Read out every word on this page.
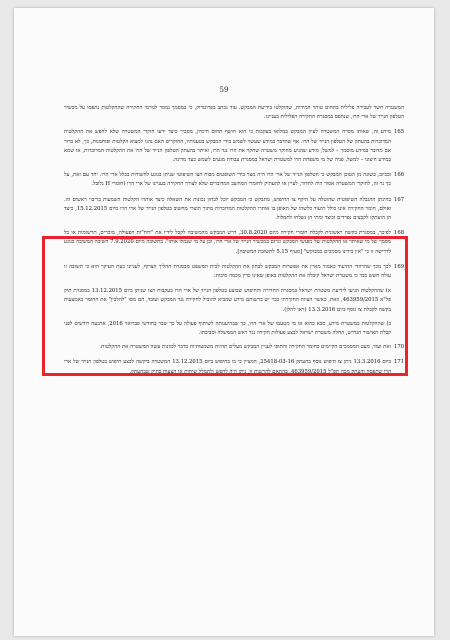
59

המשטרה חשד לעבירה פלילית בתחום טוהר המידות, שהוקלטו בידיעת המבקש. עוד נכתב בפרוטרוק, כי במסמך נמסר לגורמי החקירה שההקלטות נתפסו על מכשיר הטלפון הנייד של ארי הרו, שנתפס במסגרת החקירה הפלילית בעניינו.

165
מידע זה, שאותו מסרה המשטרה לעיון המבקש במלואו בעקבות כי הוא חושף תחום חיסיון, מסביר כיצד ידעו חוקרי המשטרה שלא לחפש את ההקלטות המדוברות בהעתק של הטלפון הנייד של הרו. אף שהדבר במידע שעשוי לשמש בידי המבקש בטענותיו, החוקרים האם נהגו למצוא הקלטות ופוחמנות, כך, לא ברור אם מדובר במידע מוסמך – למשל, מידע שהגיע מחוקר משטרה שחקר את הרו נגד הרו, ואיתר בהעתק הטלפון הנייד של הרו את ההקלטות המדוברות, או שמא במידע חיצוני – למשל, פניה של מי משפחת הרו למשטרת ישראל במסגרת עבודת מגעים לשמש כעד מדינה.

166
ובכיוב, בשונה מן הטוכן המבקש כי הטלפון הנייד של ארי הרו היה מצוי בידי השופטים מכוח הצו השיפוטי שניתן בנוגע לחשודות בכלל ארי הרו. יחד עם זאת, על כך נר זה, לחוקרי המשטרה אסור היה לחדור, לעיין או להעתיק לחומרי המחשב המדוברים שלא לצורך החקירה בעניינו של ארי הרו (חומרי H גלובל.

167
בהינתן ההגבלה השיפוטית שהוטלה על היקף צו החיפוש, מתבקש כי המבקש יוכל לבחון נכונות את השאלה כיצד אותרו הקלטות השמעות בריבוי ראשים זה. ואולם, חומר החקירה אינו כולל תיעוד כלשהו של האופן בו אותרו ההקלטות המדוברות מתוך תוצרי מחשוב בטלפון הנייד של ארי הרו מיום 15.12.2015, כיצד הן הועתקו לקבצים נפרדים וכיצד ומתי הן נשלחו לתמלול.

168
לפיכך, במסגרת בקשה ראשונית לקבלת חומרי חקירה מיום 30.8.2020, דרש המבקש מהמשיבה לקבל לידיו את "דוח"ות הפעולה, מזכרים, תרשומות או כל מסמך של מי שאיתר או ההקלטות של מפגשי המבקש וגרום במכשיר הנייד של ארי הרו, וכן על מי שנמלו אותו". בתשובה מיום 7.9.2020 השיבה המשיבה בנוגע לדרישה זו כי "אין בידינו מסמכים כמבוקש" [סעיף 5.15 לתשובת המשיבה].

169
לכך מכך שהרוזדי התיעוד כאמור מאיין את אפשרות המבקש לבחון את ההקלטות לבית המשפט מבסגרת ההליך הצרוף, לעניינו כעת העיקר הוא כי תשובה זו עולה חשש כבד כי משטרת ישראל קיבלה את ההקלטות באופן שאינו כדין מכמה סיבות:

א) שההקלטות הגיעו לידיעת משטרת ישראל במסגרת החדירה והחיפוש שבוצע בטלפון הנייד של ארי הרו בעקבות הצו שניתן ביום 13.12.2015 במסגרת תיק פל"א 463959/2015, וזאת, כאשר הצוות החקירתי כבר יש ברשותם מידע שמביא להוביל לחקירה נגד המבקש ועובד, הם מסו "להלבין" את החומר באמצעות בקשה לקבלת צו נוסף ביום 13.3.2016 (ראו להלן).

ב) שההקלטות במשטרת מידע, סבא כהוא או מי מטעמו של ארי הרו, כך שבהיענותה לשיתוף פעולה על כך שבר בחודשי פברואר 2016, ארבעה רודשים לפני קבלת האישור הנדרש, החלה משטרת ישראל לבצע פעולות חקירה נגד ראש הממשלה וסביבתו.

170
זאת ועוד, מעט המסמכים הקיימים בחומר החקירה והתופי לעניין המבקש מעלים תהיות משמעותיות בדבר לכוונות עשה המשטרה את ההקלטות.

171
ביום 13.3.2016 ניתן צו חיפוש נוסף בהעתק 25418-03-16, המציין כי בו בחיפוש ביום 13.12.2015 המשטרה ביקשה לבצע חיפוש בטלפון הנייד של ארי הרו שתפסה והעתק מכח תפ"ל 463959/2015. בהתאם להרשות זו, ניתן היה לחפש ולתמלל שיחות או הצעות בתיק שבהעתק.
